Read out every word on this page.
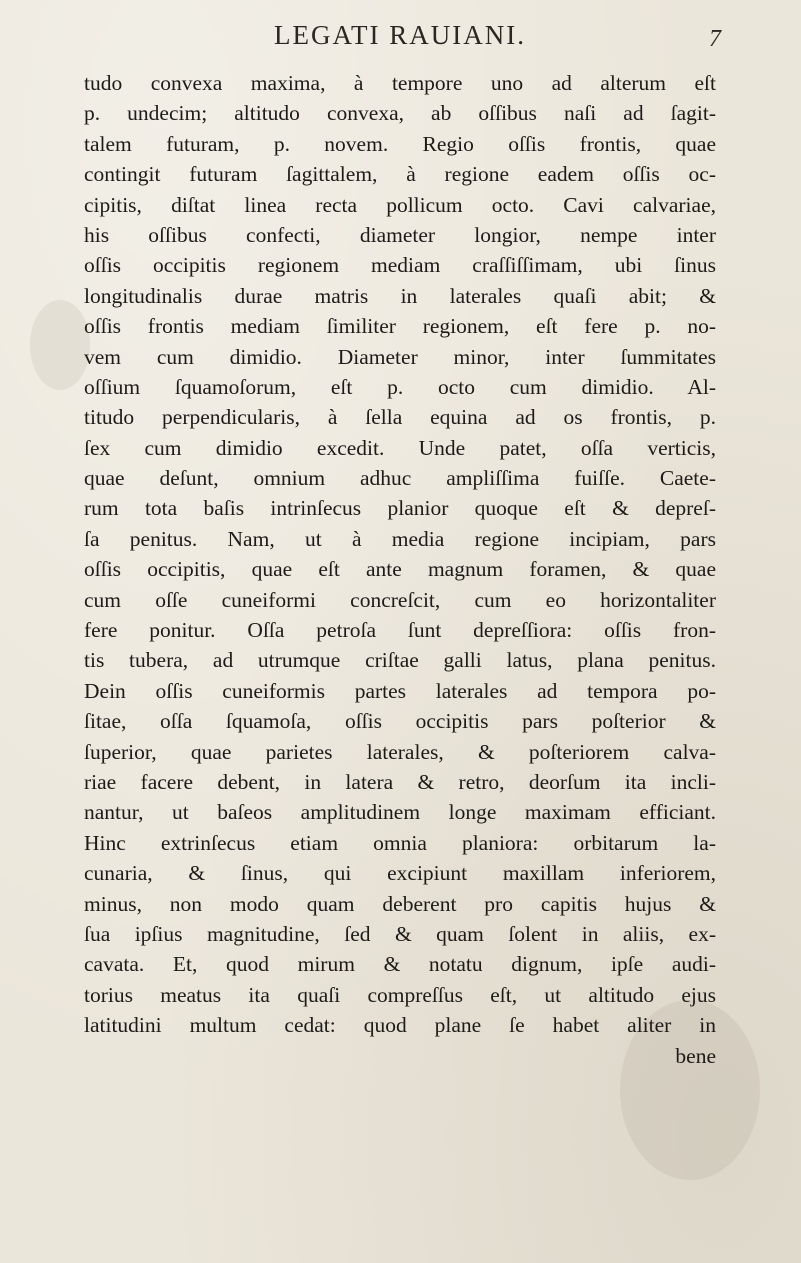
LEGATI RAUIANI.	7
tudo convexa maxima, à tempore uno ad alterum eſt
p. undecim; altitudo convexa, ab oſſibus naſi ad ſagit-
talem futuram, p. novem. Regio oſſis frontis, quae
contingit futuram ſagittalem, à regione eadem oſſis oc-
cipitis, diſtat linea recta pollicum octo. Cavi calvariae,
his oſſibus confecti, diameter longior, nempe inter
oſſis occipitis regionem mediam craſſiſſimam, ubi ſinus
longitudinalis durae matris in laterales quaſi abit; &
oſſis frontis mediam ſimiliter regionem, eſt fere p. no-
vem cum dimidio. Diameter minor, inter ſummitates
oſſium ſquamoſorum, eſt p. octo cum dimidio. Al-
titudo perpendicularis, à ſella equina ad os frontis, p.
ſex cum dimidio excedit. Unde patet, oſſa verticis,
quae deſunt, omnium adhuc ampliſſima fuiſſe. Caete-
rum tota baſis intrinſecus planior quoque eſt & depreſ-
ſa penitus. Nam, ut à media regione incipiam, pars
oſſis occipitis, quae eſt ante magnum foramen, & quae
cum oſſe cuneiformi concreſcit, cum eo horizontaliter
fere ponitur. Oſſa petroſa ſunt depreſſiora: oſſis fron-
tis tubera, ad utrumque criſtae galli latus, plana penitus.
Dein oſſis cuneiformis partes laterales ad tempora po-
ſitae, oſſa ſquamoſa, oſſis occipitis pars poſterior &
ſuperior, quae parietes laterales, & poſteriorem calva-
riae facere debent, in latera & retro, deorſum ita incli-
nantur, ut baſeos amplitudinem longe maximam efficiant.
Hinc extrinſecus etiam omnia planiora: orbitarum la-
cunaria, & ſinus, qui excipiunt maxillam inferiorem,
minus, non modo quam deberent pro capitis hujus &
ſua ipſius magnitudine, ſed & quam ſolent in aliis, ex-
cavata. Et, quod mirum & notatu dignum, ipſe audi-
torius meatus ita quaſi compreſſus eſt, ut altitudo ejus
latitudini multum cedat: quod plane ſe habet aliter in
bene
